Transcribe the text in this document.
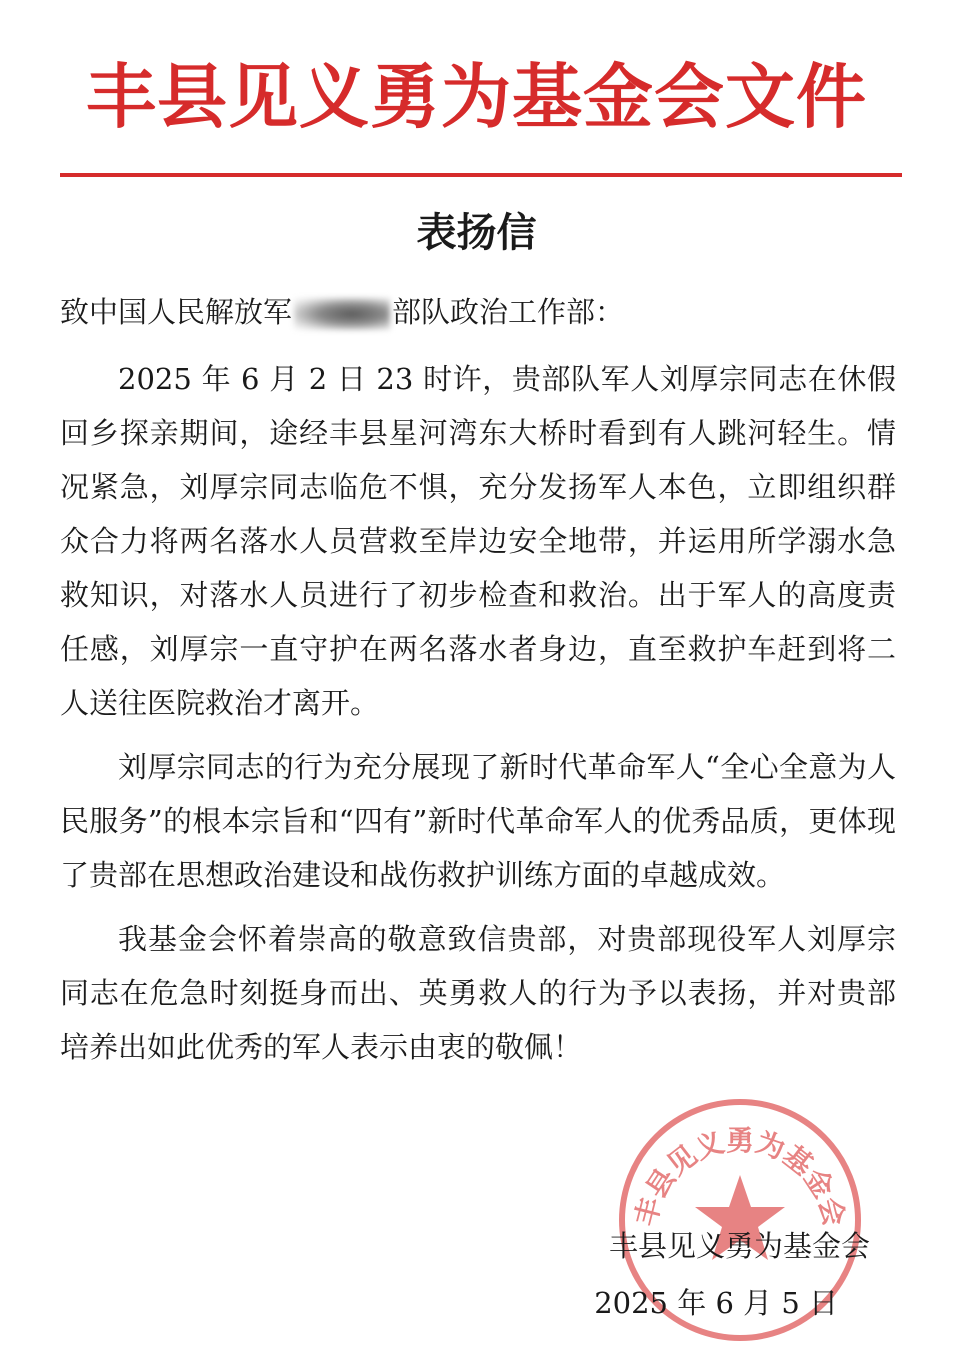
丰县见义勇为基金会文件
表扬信
致中国人民解放军	部队政治工作部：

2025 年 6 月 2 日 23 时许，贵部队军人刘厚宗同志在休假回乡探亲期间，途经丰县星河湾东大桥时看到有人跳河轻生。情况紧急，刘厚宗同志临危不惧，充分发扬军人本色，立即组织群众合力将两名落水人员营救至岸边安全地带，并运用所学溺水急救知识，对落水人员进行了初步检查和救治。出于军人的高度责任感，刘厚宗一直守护在两名落水者身边，直至救护车赶到将二人送往医院救治才离开。

刘厚宗同志的行为充分展现了新时代革命军人“全心全意为人民服务”的根本宗旨和“四有”新时代革命军人的优秀品质，更体现了贵部在思想政治建设和战伤救护训练方面的卓越成效。

我基金会怀着崇高的敬意致信贵部，对贵部现役军人刘厚宗同志在危急时刻挺身而出、英勇救人的行为予以表扬，并对贵部培养出如此优秀的军人表示由衷的敬佩！

丰县见义勇为基金会
丰县见义勇为基金会
2025 年 6 月 5 日
